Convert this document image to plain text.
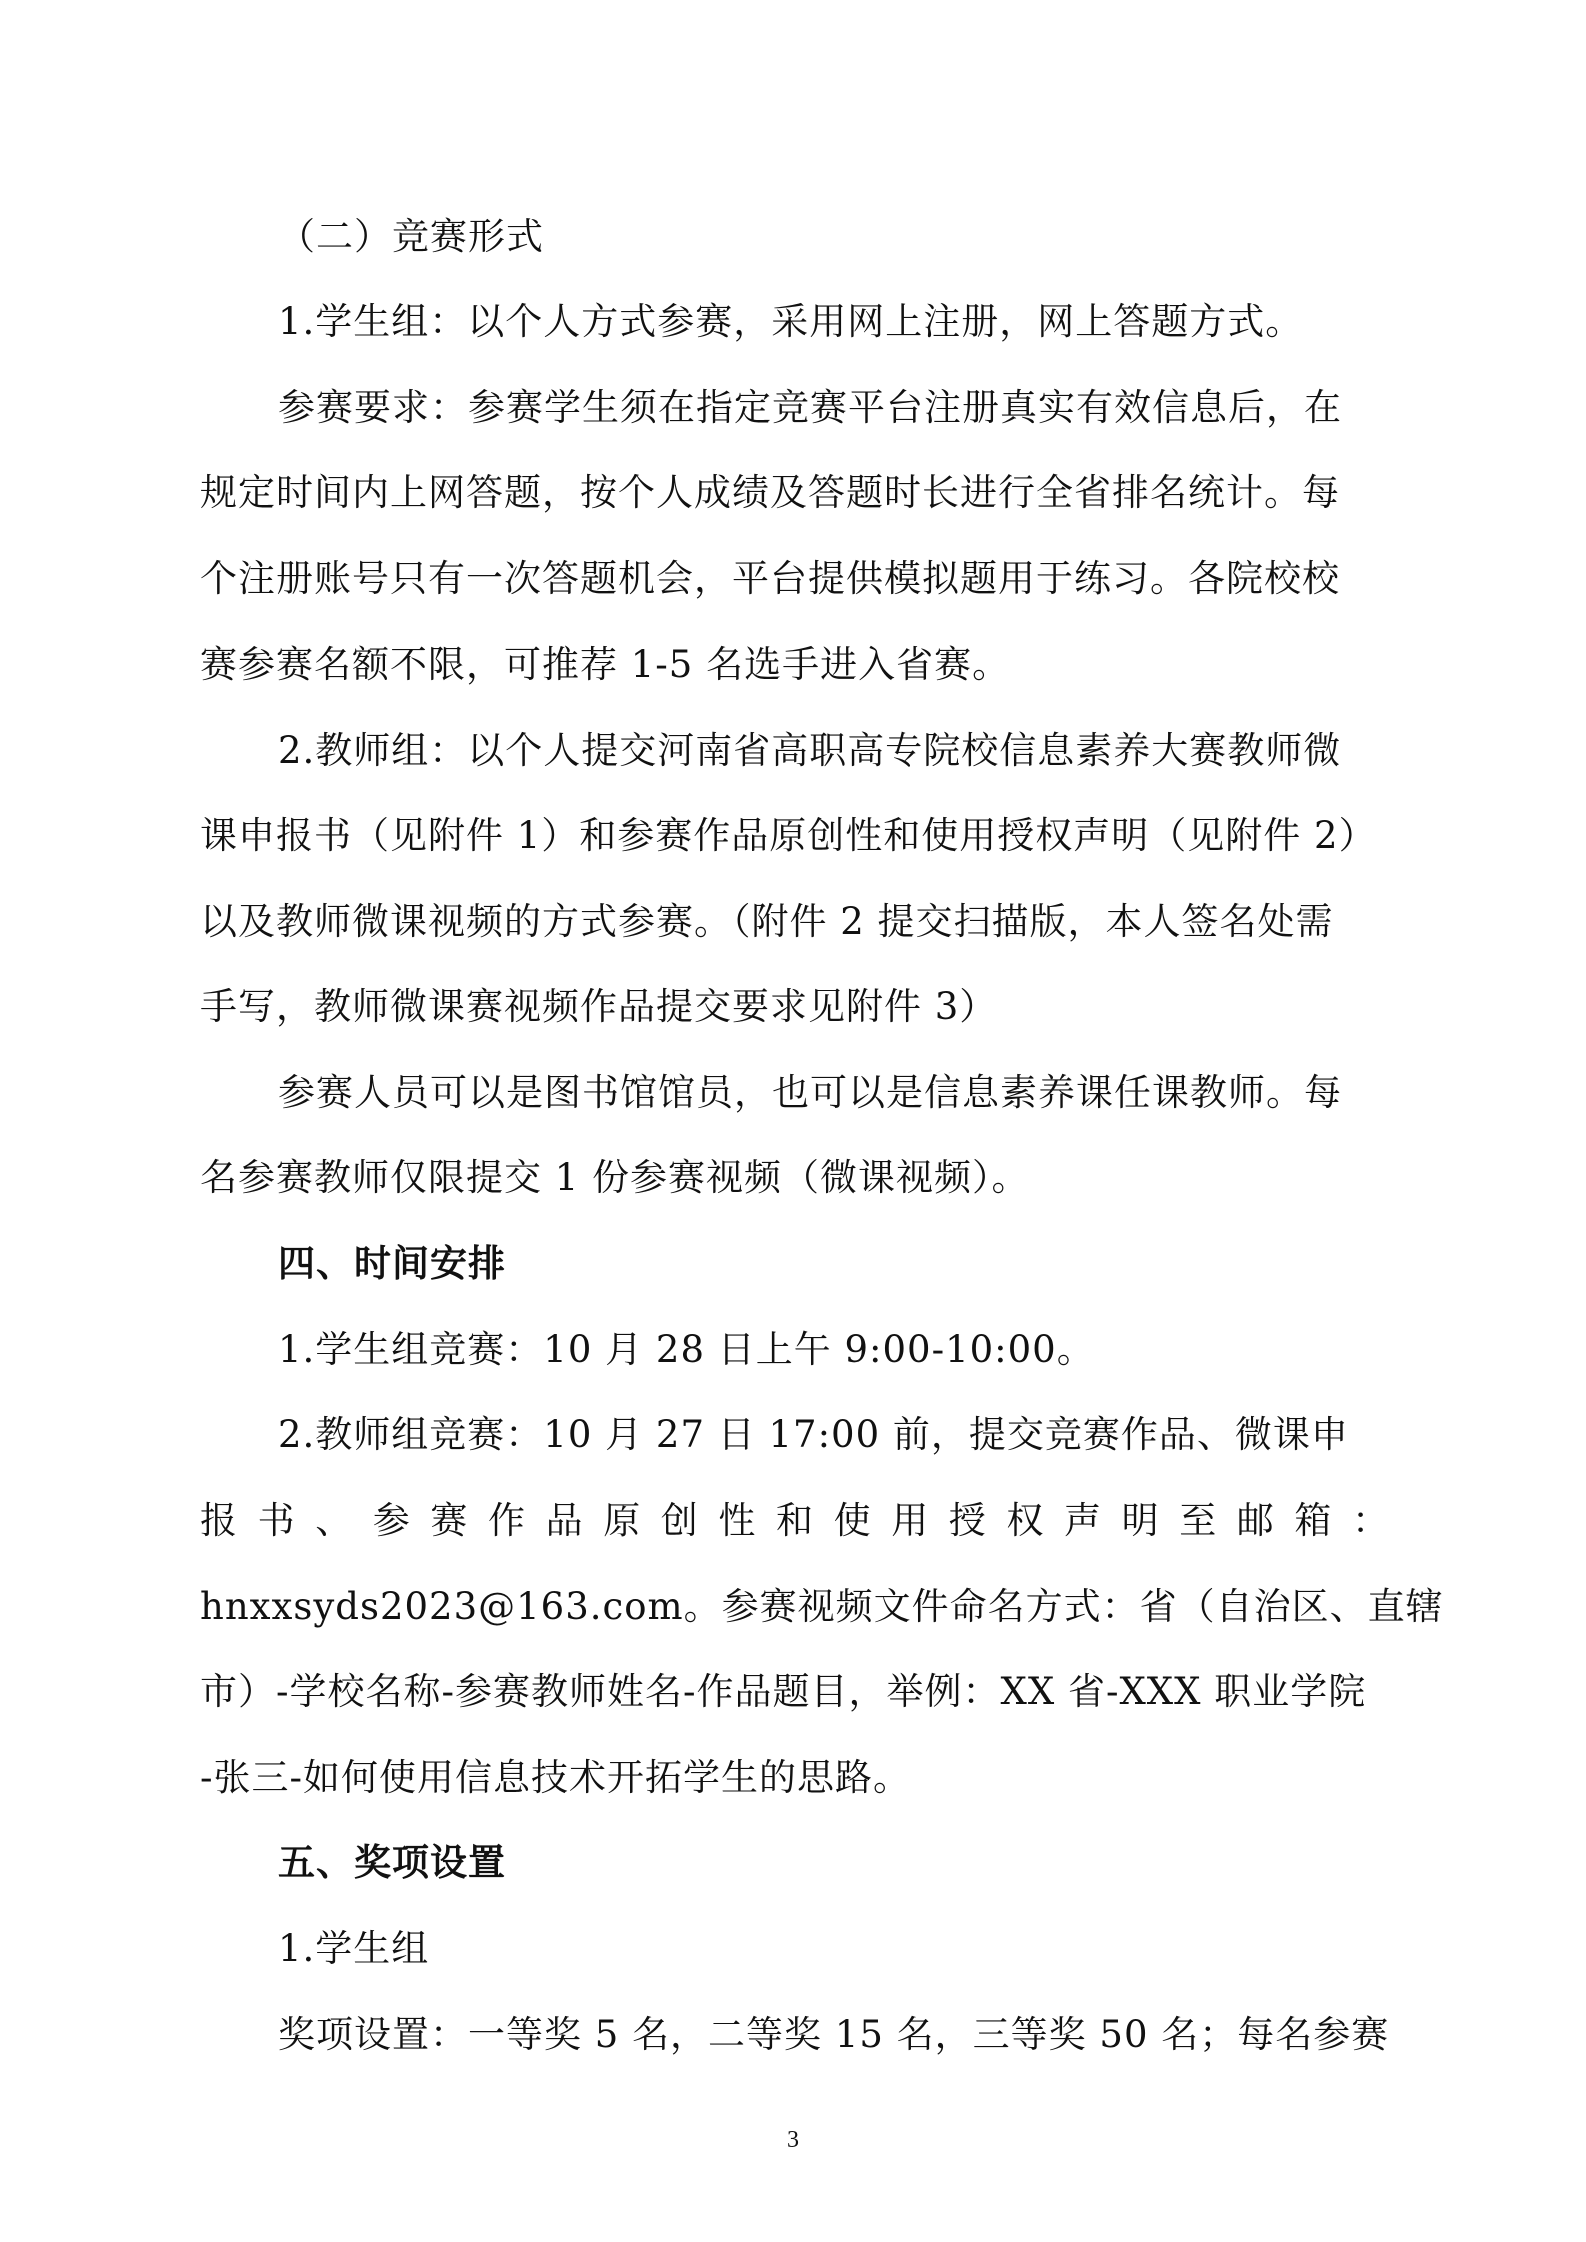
（二）竞赛形式
1.学生组：以个人方式参赛，采用网上注册，网上答题方式。
参赛要求：参赛学生须在指定竞赛平台注册真实有效信息后，在
规定时间内上网答题，按个人成绩及答题时长进行全省排名统计。每
个注册账号只有一次答题机会，平台提供模拟题用于练习。各院校校
赛参赛名额不限，可推荐 1-5 名选手进入省赛。
2.教师组：以个人提交河南省高职高专院校信息素养大赛教师微
课申报书（见附件 1）和参赛作品原创性和使用授权声明（见附件 2）
以及教师微课视频的方式参赛。（附件 2 提交扫描版，本人签名处需
手写，教师微课赛视频作品提交要求见附件 3）
参赛人员可以是图书馆馆员，也可以是信息素养课任课教师。每
名参赛教师仅限提交 1 份参赛视频（微课视频）。
四、时间安排
1.学生组竞赛：10 月 28 日上午 9:00-10:00。
2.教师组竞赛：10 月 27 日 17:00 前，提交竞赛作品、微课申
报书、参赛作品原创性和使用授权声明至邮箱：
hnxxsyds2023@163.com。参赛视频文件命名方式：省（自治区、直辖
市）-学校名称-参赛教师姓名-作品题目，举例：XX 省-XXX 职业学院
-张三-如何使用信息技术开拓学生的思路。
五、奖项设置
1.学生组
奖项设置：一等奖 5 名，二等奖 15 名，三等奖 50 名；每名参赛
3
